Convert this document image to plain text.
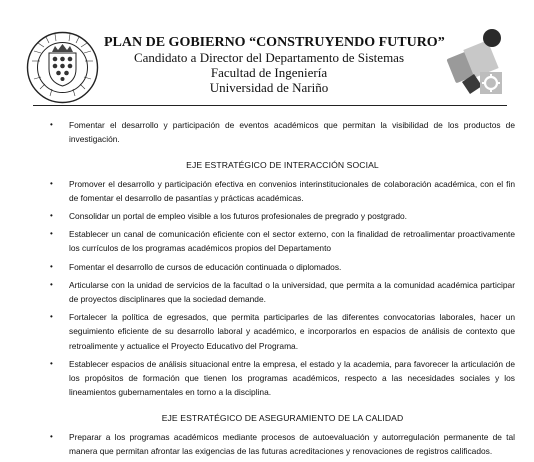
PLAN DE GOBIERNO “CONSTRUYENDO FUTURO”
Candidato a Director del Departamento de Sistemas
Facultad de Ingeniería
Universidad de Nariño
• Fomentar el desarrollo y participación de eventos académicos que permitan la visibilidad de los productos de investigación.
EJE ESTRATÉGICO DE INTERACCIÓN SOCIAL
• Promover el desarrollo y participación efectiva en convenios interinstitucionales de colaboración académica, con el fin de fomentar el desarrollo de pasantías y prácticas académicas.
• Consolidar un portal de empleo visible a los futuros profesionales de pregrado y postgrado.
• Establecer un canal de comunicación eficiente con el sector externo, con la finalidad de retroalimentar proactivamente los currículos de los programas académicos propios del Departamento
• Fomentar el desarrollo de cursos de educación continuada o diplomados.
• Articularse con la unidad de servicios de la facultad o la universidad, que permita a la comunidad académica participar de proyectos disciplinares que la sociedad demande.
• Fortalecer la política de egresados, que permita participarles de las diferentes convocatorias laborales, hacer un seguimiento eficiente de su desarrollo laboral y académico, e incorporarlos en espacios de análisis de contexto que retroalimente y actualice el Proyecto Educativo del Programa.
• Establecer espacios de análisis situacional entre la empresa, el estado y la academia, para favorecer la articulación de los propósitos de formación que tienen los programas académicos, respecto a las necesidades sociales y los lineamientos gubernamentales en torno a la disciplina.
EJE ESTRATÉGICO DE ASEGURAMIENTO DE LA CALIDAD
• Preparar a los programas académicos mediante procesos de autoevaluación y autorregulación permanente de tal manera que permitan afrontar las exigencias de las futuras acreditaciones y renovaciones de registros calificados.
